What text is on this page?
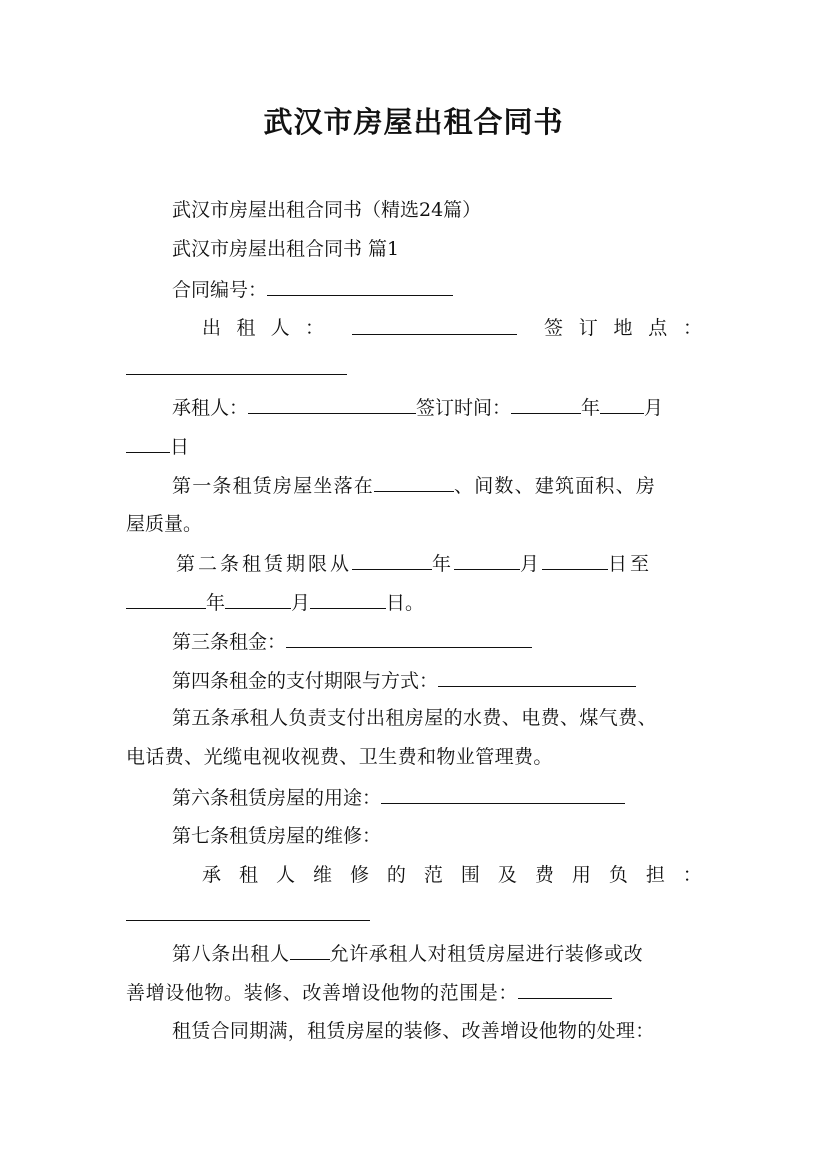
武汉市房屋出租合同书
武汉市房屋出租合同书（精选24篇）
武汉市房屋出租合同书 篇1
合同编号：
出 租 人 ：	签 订 地 点 ：
承租人：	签订时间：	年 月
日
第一条租赁房屋坐落在	、间数、建筑面积、房
屋质量。
第二条租赁期限从	年	月	日至
年	月	日。
第三条租金：
第四条租金的支付期限与方式：
第五条承租人负责支付出租房屋的水费、电费、煤气费、
电话费、光缆电视收视费、卫生费和物业管理费。
第六条租赁房屋的用途：
第七条租赁房屋的维修：
承 租 人 维 修 的 范 围 及 费 用 负 担 ：
第八条出租人 允许承租人对租赁房屋进行装修或改
善增设他物。装修、改善增设他物的范围是：
租赁合同期满，租赁房屋的装修、改善增设他物的处理：
